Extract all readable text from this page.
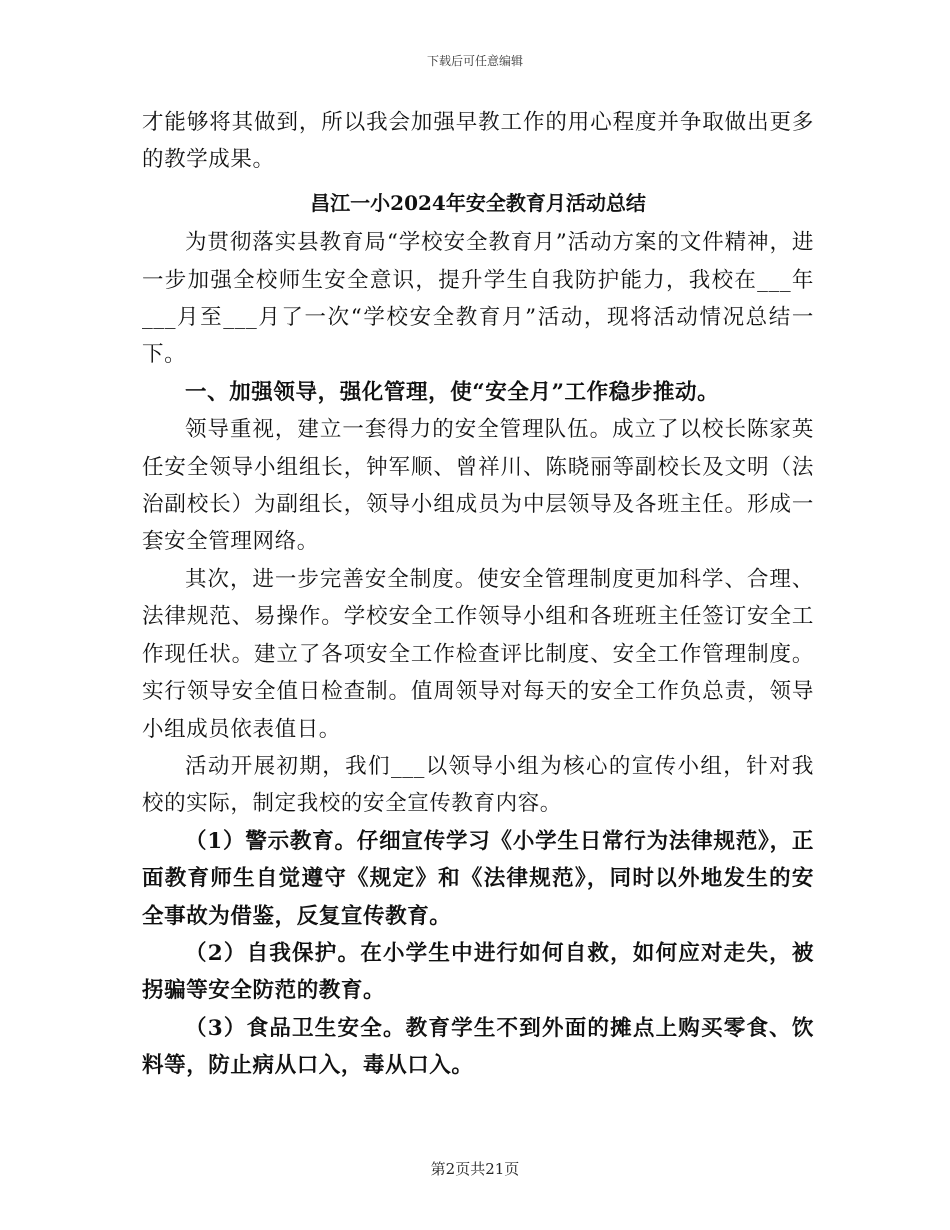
下载后可任意编辑

才能够将其做到，所以我会加强早教工作的用心程度并争取做出更多的教学成果。

昌江一小2024年安全教育月活动总结

为贯彻落实县教育局“学校安全教育月”活动方案的文件精神，进一步加强全校师生安全意识，提升学生自我防护能力，我校在___年___月至___月了一次“学校安全教育月”活动，现将活动情况总结一下。

一、加强领导，强化管理，使“安全月”工作稳步推动。

领导重视，建立一套得力的安全管理队伍。成立了以校长陈家英任安全领导小组组长，钟军顺、曾祥川、陈晓丽等副校长及文明（法治副校长）为副组长，领导小组成员为中层领导及各班主任。形成一套安全管理网络。

其次，进一步完善安全制度。使安全管理制度更加科学、合理、法律规范、易操作。学校安全工作领导小组和各班班主任签订安全工作现任状。建立了各项安全工作检查评比制度、安全工作管理制度。实行领导安全值日检查制。值周领导对每天的安全工作负总责，领导小组成员依表值日。

活动开展初期，我们___以领导小组为核心的宣传小组，针对我校的实际，制定我校的安全宣传教育内容。

（1）警示教育。仔细宣传学习《小学生日常行为法律规范》，正面教育师生自觉遵守《规定》和《法律规范》，同时以外地发生的安全事故为借鉴，反复宣传教育。

（2）自我保护。在小学生中进行如何自救，如何应对走失，被拐骗等安全防范的教育。

（3）食品卫生安全。教育学生不到外面的摊点上购买零食、饮料等，防止病从口入，毒从口入。

第2页共21页
